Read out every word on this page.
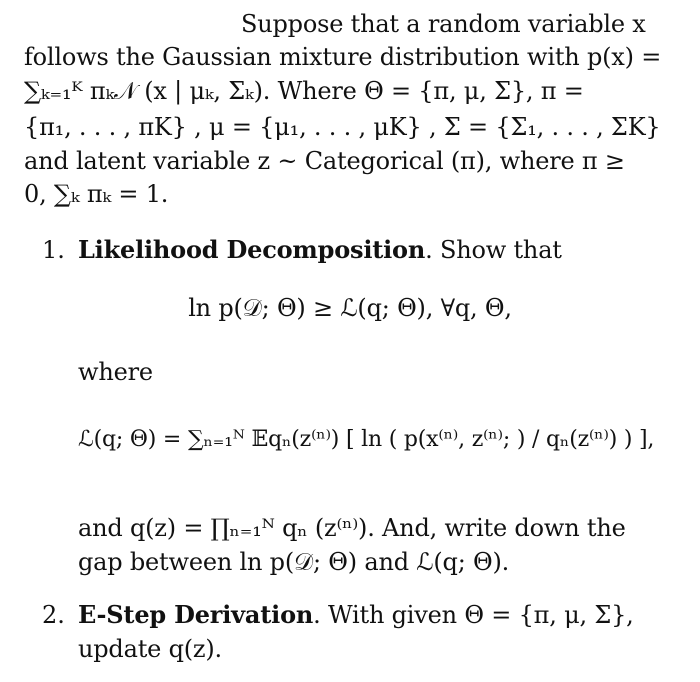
Suppose that a random variable x
follows the Gaussian mixture distribution with p(x) =
∑ₖ₌₁ᴷ πₖ𝒩 (x | μₖ, Σₖ). Where Θ = {π, μ, Σ}, π =
{π₁, . . . , πK} , μ = {μ₁, . . . , μK} , Σ = {Σ₁, . . . , ΣK}
and latent variable z ~ Categorical (π), where π ≥
0, ∑ₖ πₖ = 1.
1. Likelihood Decomposition. Show that
ln p(𝒟; Θ) ≥ ℒ(q; Θ), ∀q, Θ,
where
ℒ(q; Θ) = ∑ₙ₌₁ᴺ 𝔼qₙ(z⁽ⁿ⁾) [ ln ( p(x⁽ⁿ⁾, z⁽ⁿ⁾; ) / qₙ(z⁽ⁿ⁾) ) ],
and q(z) = ∏ₙ₌₁ᴺ qₙ (z⁽ⁿ⁾). And, write down the
gap between ln p(𝒟; Θ) and ℒ(q; Θ).
2. E-Step Derivation. With given Θ = {π, μ, Σ},
update q(z).
